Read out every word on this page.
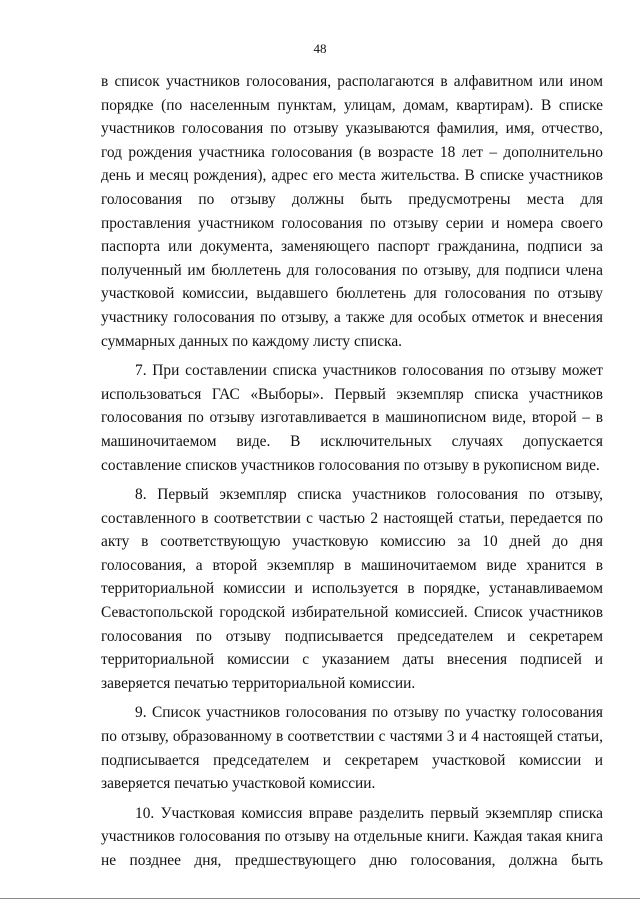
48

в список участников голосования, располагаются в алфавитном или ином порядке (по населенным пунктам, улицам, домам, квартирам). В списке участников голосования по отзыву указываются фамилия, имя, отчество, год рождения участника голосования (в возрасте 18 лет – дополнительно день и месяц рождения), адрес его места жительства. В списке участников голосования по отзыву должны быть предусмотрены места для проставления участником голосования по отзыву серии и номера своего паспорта или документа, заменяющего паспорт гражданина, подписи за полученный им бюллетень для голосования по отзыву, для подписи члена участковой комиссии, выдавшего бюллетень для голосования по отзыву участнику голосования по отзыву, а также для особых отметок и внесения суммарных данных по каждому листу списка.

7. При составлении списка участников голосования по отзыву может использоваться ГАС «Выборы». Первый экземпляр списка участников голосования по отзыву изготавливается в машинописном виде, второй – в машиночитаемом виде. В исключительных случаях допускается составление списков участников голосования по отзыву в рукописном виде.

8. Первый экземпляр списка участников голосования по отзыву, составленного в соответствии с частью 2 настоящей статьи, передается по акту в соответствующую участковую комиссию за 10 дней до дня голосования, а второй экземпляр в машиночитаемом виде хранится в территориальной комиссии и используется в порядке, устанавливаемом Севастопольской городской избирательной комиссией. Список участников голосования по отзыву подписывается председателем и секретарем территориальной комиссии с указанием даты внесения подписей и заверяется печатью территориальной комиссии.

9. Список участников голосования по отзыву по участку голосования по отзыву, образованному в соответствии с частями 3 и 4 настоящей статьи, подписывается председателем и секретарем участковой комиссии и заверяется печатью участковой комиссии.

10. Участковая комиссия вправе разделить первый экземпляр списка участников голосования по отзыву на отдельные книги. Каждая такая книга не позднее дня, предшествующего дню голосования, должна быть
